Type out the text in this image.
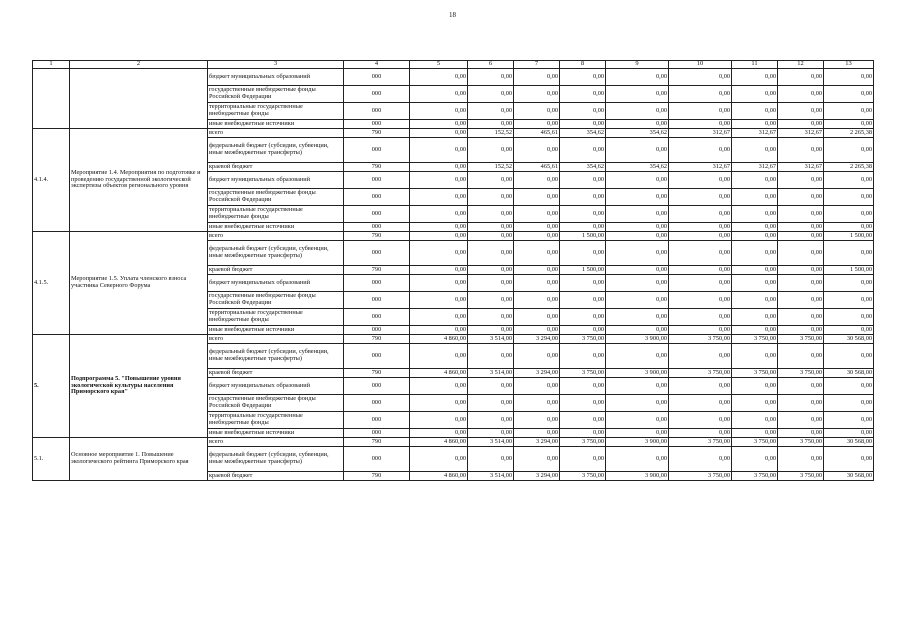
18
1	2	3	4	5	6	7	8	9	10	11	12	13
		бюджет муниципальных образований	000	0,00	0,00	0,00	0,00	0,00	0,00	0,00	0,00	0,00
		государственные внебюджетные фонды Российской Федерации	000	0,00	0,00	0,00	0,00	0,00	0,00	0,00	0,00	0,00
		территориальные государственные внебюджетные фонды	000	0,00	0,00	0,00	0,00	0,00	0,00	0,00	0,00	0,00
		иные внебюджетные источники	000	0,00	0,00	0,00	0,00	0,00	0,00	0,00	0,00	0,00
4.1.4.	Мероприятие 1.4. Мероприятия по подготовке и проведению государственной экологической экспертизы объектов регионального уровня	всего	790	0,00	152,52	465,61	354,62	354,62	312,67	312,67	312,67	2 265,38
		федеральный бюджет (субсидии, субвенции, иные межбюджетные трансферты)	000	0,00	0,00	0,00	0,00	0,00	0,00	0,00	0,00	0,00
		краевой бюджет	790	0,00	152,52	465,61	354,62	354,62	312,67	312,67	312,67	2 265,38
		бюджет муниципальных образований	000	0,00	0,00	0,00	0,00	0,00	0,00	0,00	0,00	0,00
		государственные внебюджетные фонды Российской Федерации	000	0,00	0,00	0,00	0,00	0,00	0,00	0,00	0,00	0,00
		территориальные государственные внебюджетные фонды	000	0,00	0,00	0,00	0,00	0,00	0,00	0,00	0,00	0,00
		иные внебюджетные источники	000	0,00	0,00	0,00	0,00	0,00	0,00	0,00	0,00	0,00
4.1.5.	Мероприятие 1.5. Уплата членского взноса участника Северного Форума	всего	790	0,00	0,00	0,00	1 500,00	0,00	0,00	0,00	0,00	1 500,00
		федеральный бюджет (субсидии, субвенции, иные межбюджетные трансферты)	000	0,00	0,00	0,00	0,00	0,00	0,00	0,00	0,00	0,00
		краевой бюджет	790	0,00	0,00	0,00	1 500,00	0,00	0,00	0,00	0,00	1 500,00
		бюджет муниципальных образований	000	0,00	0,00	0,00	0,00	0,00	0,00	0,00	0,00	0,00
		государственные внебюджетные фонды Российской Федерации	000	0,00	0,00	0,00	0,00	0,00	0,00	0,00	0,00	0,00
		территориальные государственные внебюджетные фонды	000	0,00	0,00	0,00	0,00	0,00	0,00	0,00	0,00	0,00
		иные внебюджетные источники	000	0,00	0,00	0,00	0,00	0,00	0,00	0,00	0,00	0,00
5.	Подпрограмма 5. "Повышение уровня экологической культуры населения Приморского края"	всего	790	4 860,00	3 514,00	3 294,00	3 750,00	3 900,00	3 750,00	3 750,00	3 750,00	30 568,00
		федеральный бюджет (субсидии, субвенции, иные межбюджетные трансферты)	000	0,00	0,00	0,00	0,00	0,00	0,00	0,00	0,00	0,00
		краевой бюджет	790	4 860,00	3 514,00	3 294,00	3 750,00	3 900,00	3 750,00	3 750,00	3 750,00	30 568,00
		бюджет муниципальных образований	000	0,00	0,00	0,00	0,00	0,00	0,00	0,00	0,00	0,00
		государственные внебюджетные фонды Российской Федерации	000	0,00	0,00	0,00	0,00	0,00	0,00	0,00	0,00	0,00
		территориальные государственные внебюджетные фонды	000	0,00	0,00	0,00	0,00	0,00	0,00	0,00	0,00	0,00
		иные внебюджетные источники	000	0,00	0,00	0,00	0,00	0,00	0,00	0,00	0,00	0,00
5.1.	Основное мероприятие 1. Повышение экологического рейтинга Приморского края	всего	790	4 860,00	3 514,00	3 294,00	3 750,00	3 900,00	3 750,00	3 750,00	3 750,00	30 568,00
		федеральный бюджет (субсидии, субвенции, иные межбюджетные трансферты)	000	0,00	0,00	0,00	0,00	0,00	0,00	0,00	0,00	0,00
		краевой бюджет	790	4 860,00	3 514,00	3 294,00	3 750,00	3 900,00	3 750,00	3 750,00	3 750,00	30 568,00
